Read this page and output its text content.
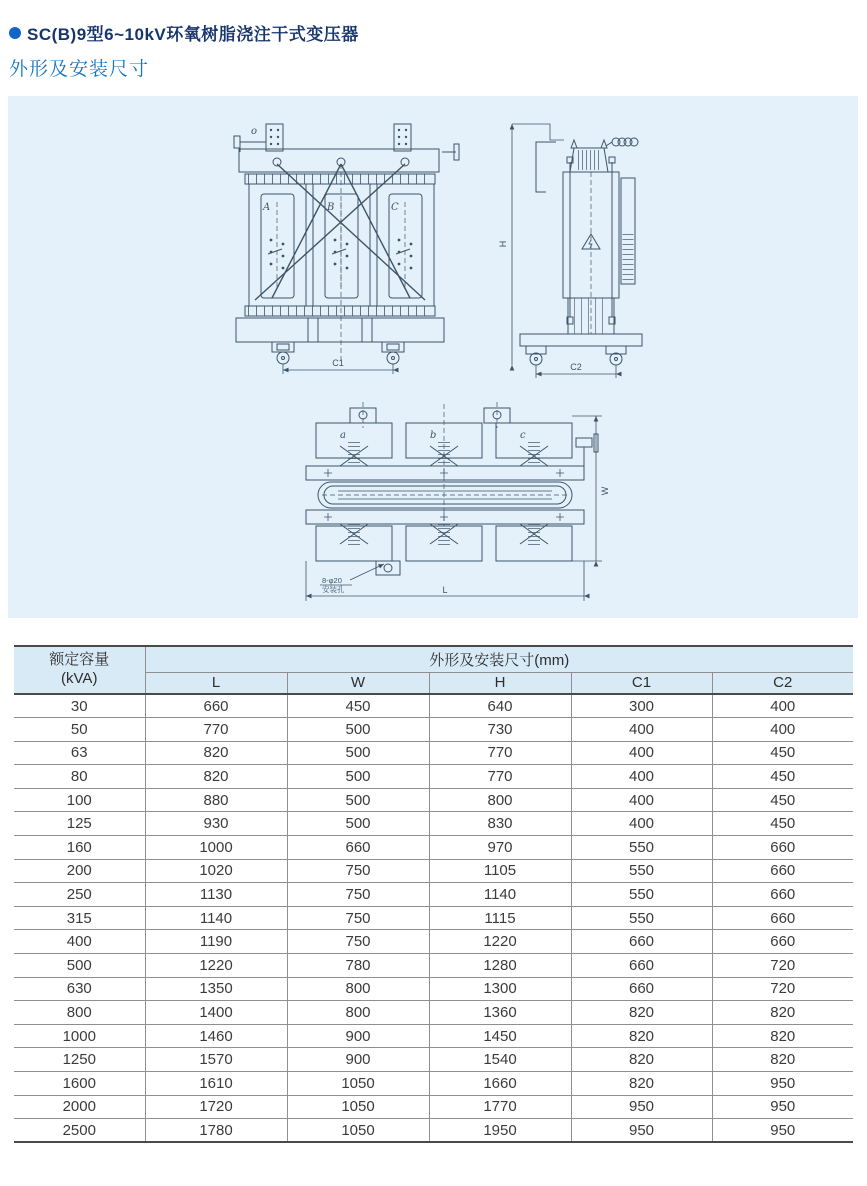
SC(B)9型6~10kV环氧树脂浇注干式变压器
外形及安装尺寸
o
A	B	C
C1
H
C2
a	b	c
8-φ20
安装孔	L
W
额定容量
(kVA)	外形及安装尺寸(mm)				
	L	W	H	C1	C2
30	660	450	640	300	400
50	770	500	730	400	400
63	820	500	770	400	450
80	820	500	770	400	450
100	880	500	800	400	450
125	930	500	830	400	450
160	1000	660	970	550	660
200	1020	750	1105	550	660
250	1130	750	1140	550	660
315	1140	750	1115	550	660
400	1190	750	1220	660	660
500	1220	780	1280	660	720
630	1350	800	1300	660	720
800	1400	800	1360	820	820
1000	1460	900	1450	820	820
1250	1570	900	1540	820	820
1600	1610	1050	1660	820	950
2000	1720	1050	1770	950	950
2500	1780	1050	1950	950	950
